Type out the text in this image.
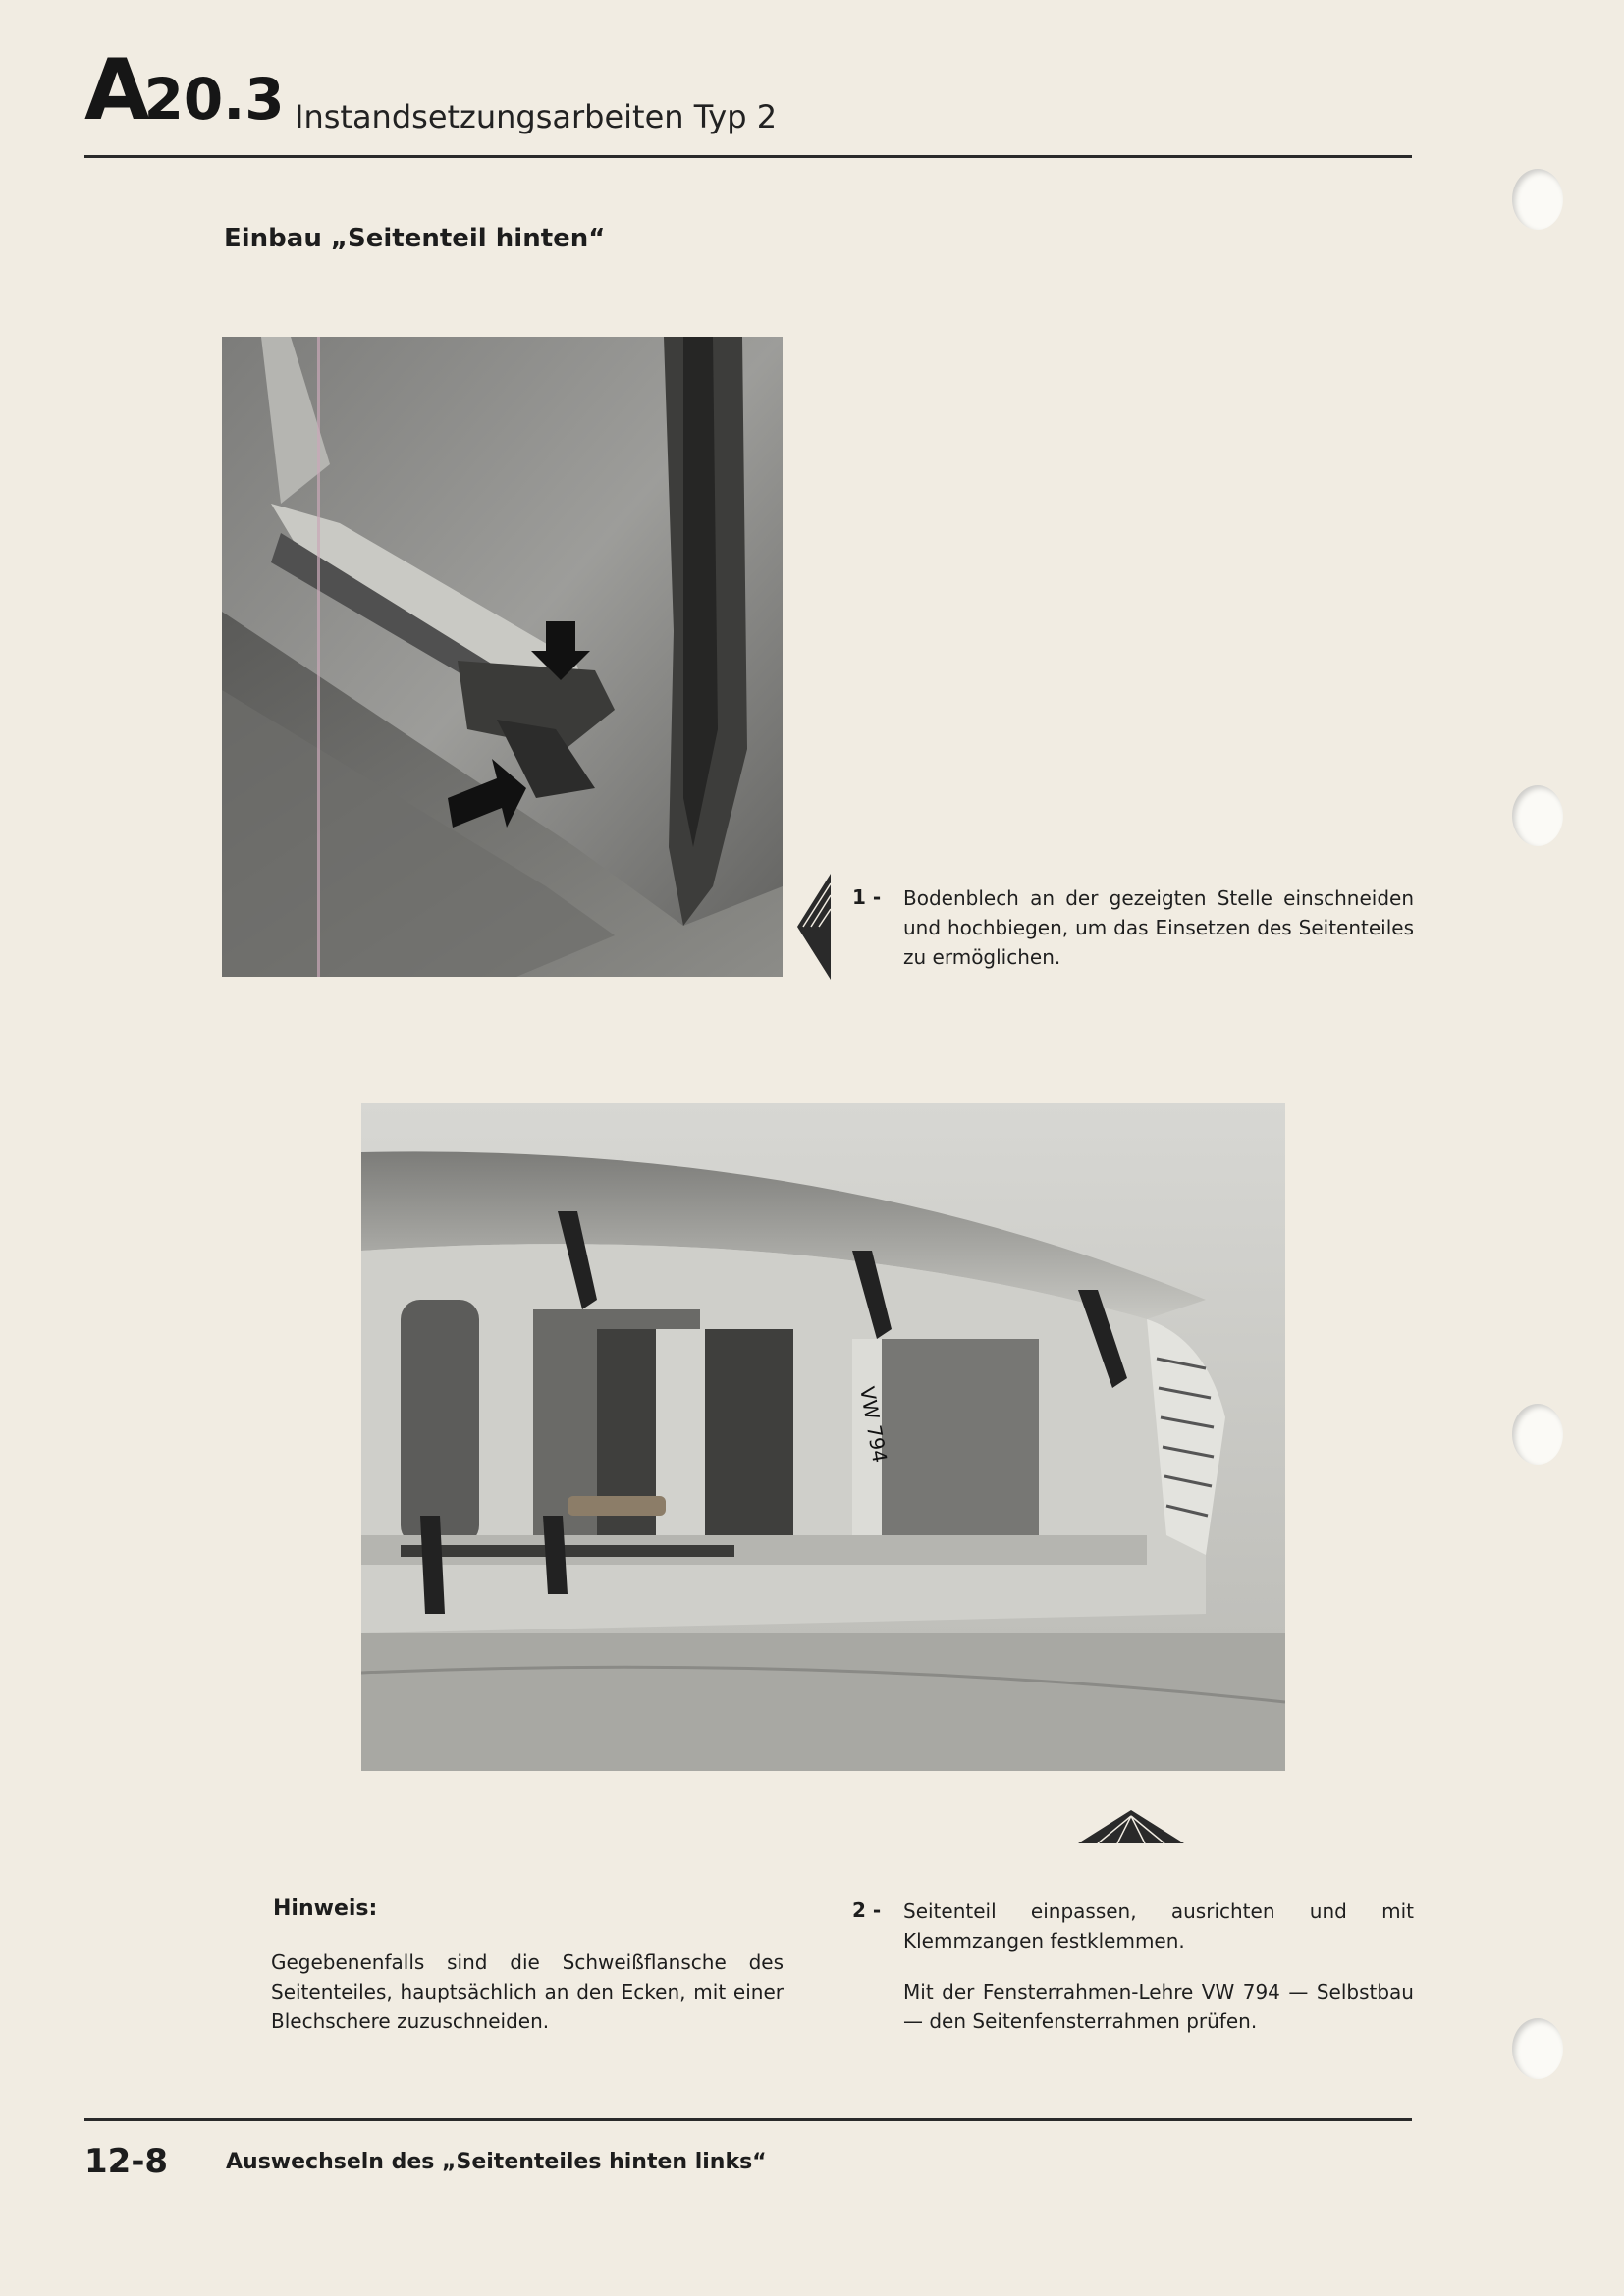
A20.3 Instandsetzungsarbeiten Typ 2
Einbau „Seitenteil hinten“
1 - Bodenblech an der gezeigten Stelle einschneiden und hochbiegen, um das Einsetzen des Seitenteiles zu ermöglichen.
VW 794
Hinweis:
Gegebenenfalls sind die Schweißflansche des Seitenteiles, hauptsächlich an den Ecken, mit einer Blechschere zuzuschneiden.
2 - Seitenteil einpassen, ausrichten und mit Klemmzangen festklemmen.
Mit der Fensterrahmen-Lehre VW 794 — Selbstbau — den Seitenfensterrahmen prüfen.
12-8	Auswechseln des „Seitenteiles hinten links“
